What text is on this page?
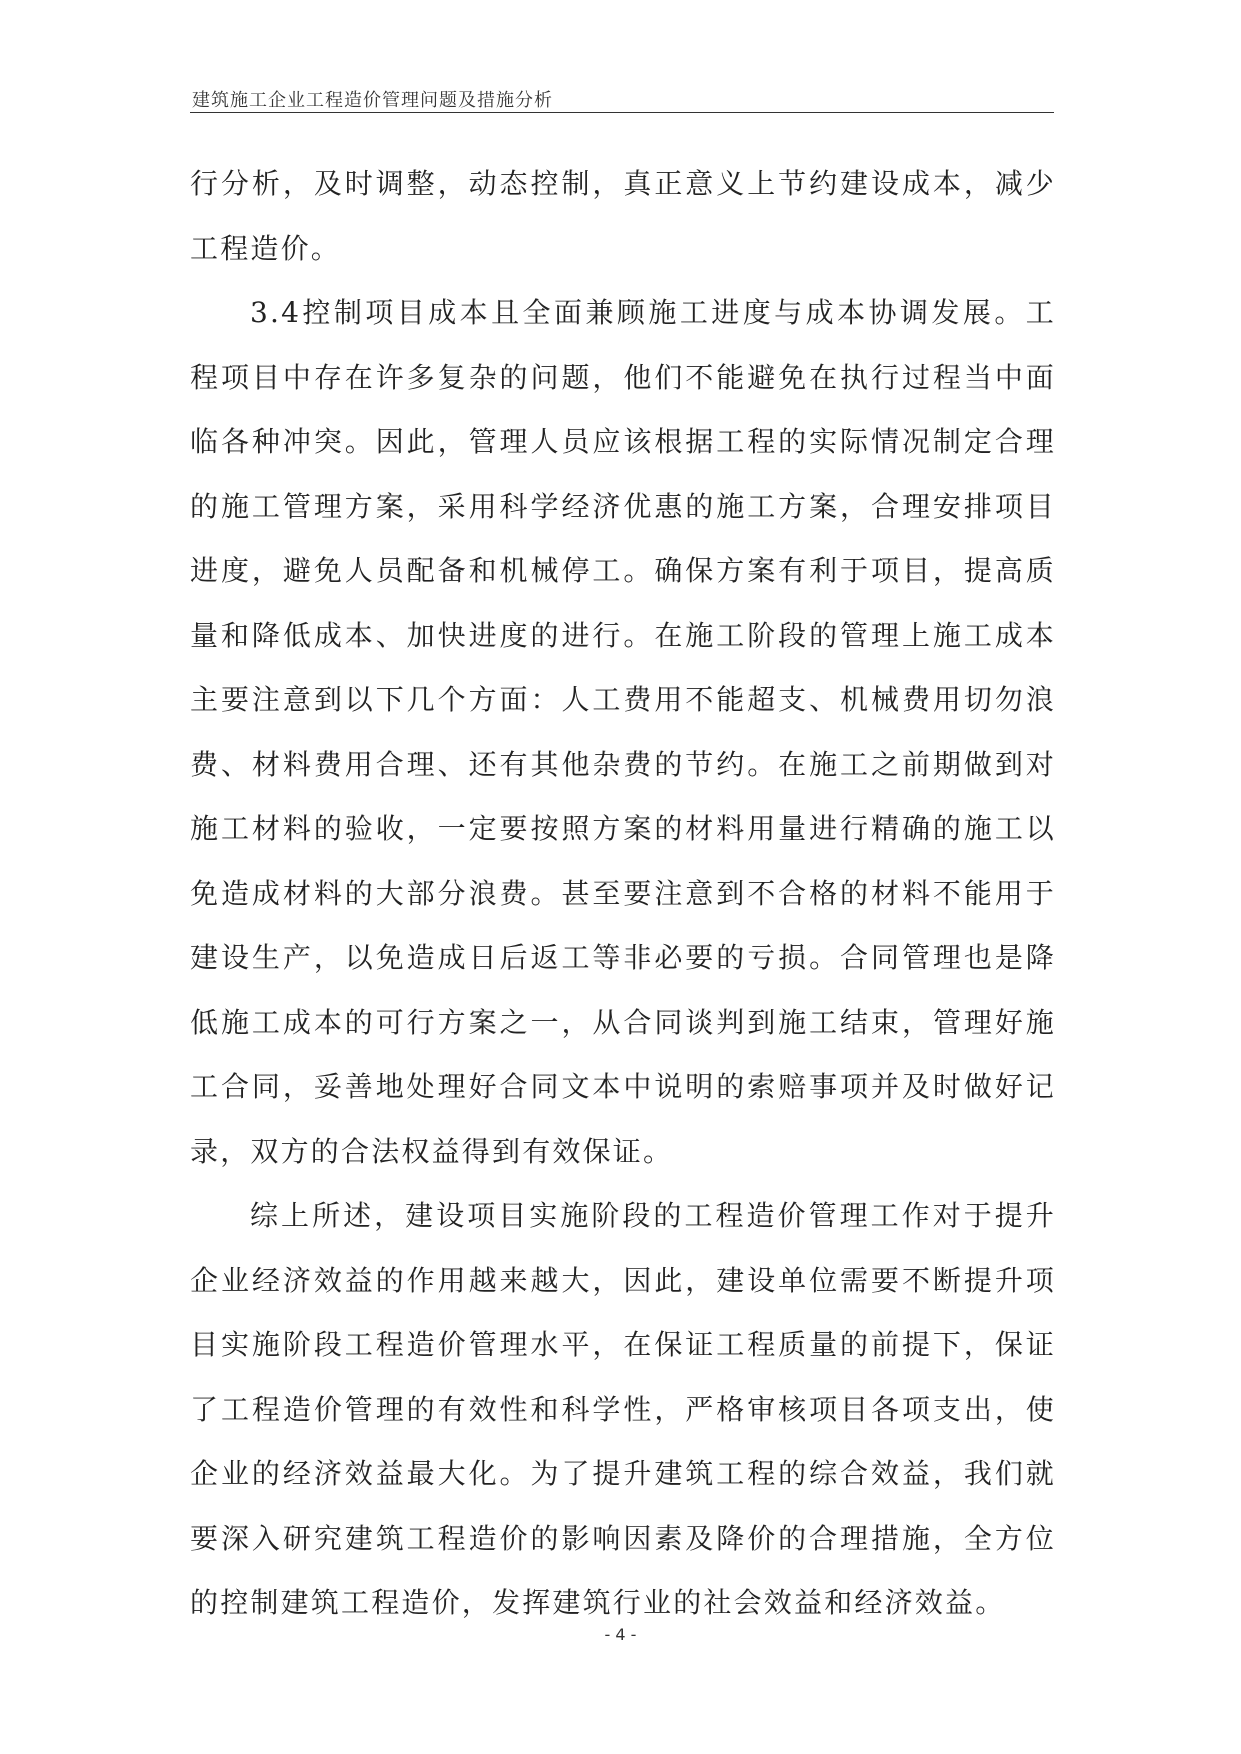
建筑施工企业工程造价管理问题及措施分析

行分析，及时调整，动态控制，真正意义上节约建设成本，减少工程造价。

3.4控制项目成本且全面兼顾施工进度与成本协调发展。工程项目中存在许多复杂的问题，他们不能避免在执行过程当中面临各种冲突。因此，管理人员应该根据工程的实际情况制定合理的施工管理方案，采用科学经济优惠的施工方案，合理安排项目进度，避免人员配备和机械停工。确保方案有利于项目，提高质量和降低成本、加快进度的进行。在施工阶段的管理上施工成本主要注意到以下几个方面：人工费用不能超支、机械费用切勿浪费、材料费用合理、还有其他杂费的节约。在施工之前期做到对施工材料的验收，一定要按照方案的材料用量进行精确的施工以免造成材料的大部分浪费。甚至要注意到不合格的材料不能用于建设生产，以免造成日后返工等非必要的亏损。合同管理也是降低施工成本的可行方案之一，从合同谈判到施工结束，管理好施工合同，妥善地处理好合同文本中说明的索赔事项并及时做好记录，双方的合法权益得到有效保证。

综上所述，建设项目实施阶段的工程造价管理工作对于提升企业经济效益的作用越来越大，因此，建设单位需要不断提升项目实施阶段工程造价管理水平，在保证工程质量的前提下，保证了工程造价管理的有效性和科学性，严格审核项目各项支出，使企业的经济效益最大化。为了提升建筑工程的综合效益，我们就要深入研究建筑工程造价的影响因素及降价的合理措施，全方位的控制建筑工程造价，发挥建筑行业的社会效益和经济效益。

- 4 -
